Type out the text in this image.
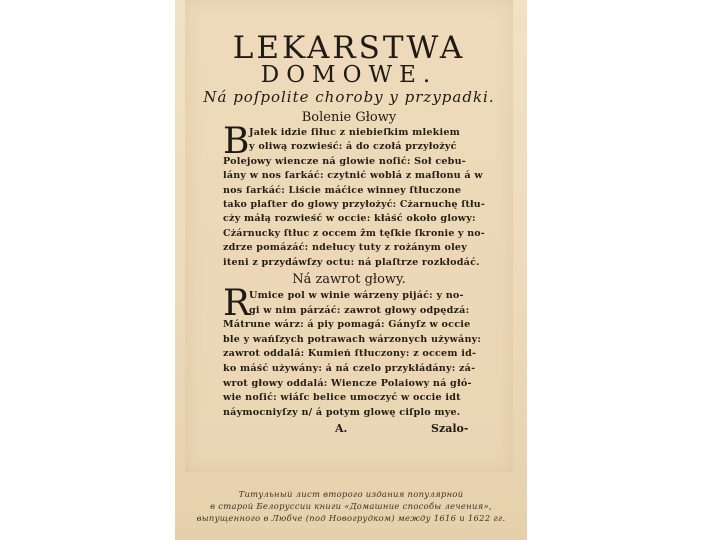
LEKARSTWA
DOMOWE.
Ná poſpolite choroby y przypadki.
Bolenie Głowy
B Jałek idzie ſiłuc z niebieſkim mlekiem
y oliwą rozwieść: á do czołá przyłożyć
Polejowy wiencze ná glowie noſić: Soł cebu-
lány w nos ſarkáć: czytnić woblá z maſłonu á w
nos ſarkáć: Liście máćice winney ſtłuczone
tako plaſter do glowy przyłożyć: Cżarnuchę ſtłu-
cży máłą rozwieść w occie: kłáść około glowy:
Cżárnucky ſtłuc z occem ẑm tęſkie ſkronie y no-
zdrze pomázáć: ndełucy tuty z rożánym oley
iteni z przydáwſzy octu: ná plaſtrze rozkłodáć.
Ná zawrot głowy.
R
Umice pol w winie wárzeny pijáć: y no-
gi w nim párzáć: zawrot głowy odpędzá:
Mátrune wárz: á piy pomagá: Gányſz w occie
ble y wańſzych potrawach wárzonych używány:
zawrot oddalá: Kumień ſtłuczony: z occem id-
ko máść używány: á ná czelo przykłádány: zá-
wrot głowy oddalá: Wiencze Polaiowy ná głó-
wie noſić: wiáſc belice umoczyć w occie idt
náymocniyſzy n/ á potym glowę ciſplo mye.
A.	Szalo-
Титульный лист второго издания популярной
в старой Белоруссии книги «Домашние способы лечения»,
выпущенного в Любче (под Новогрудком) между 1616 и 1622 гг.
